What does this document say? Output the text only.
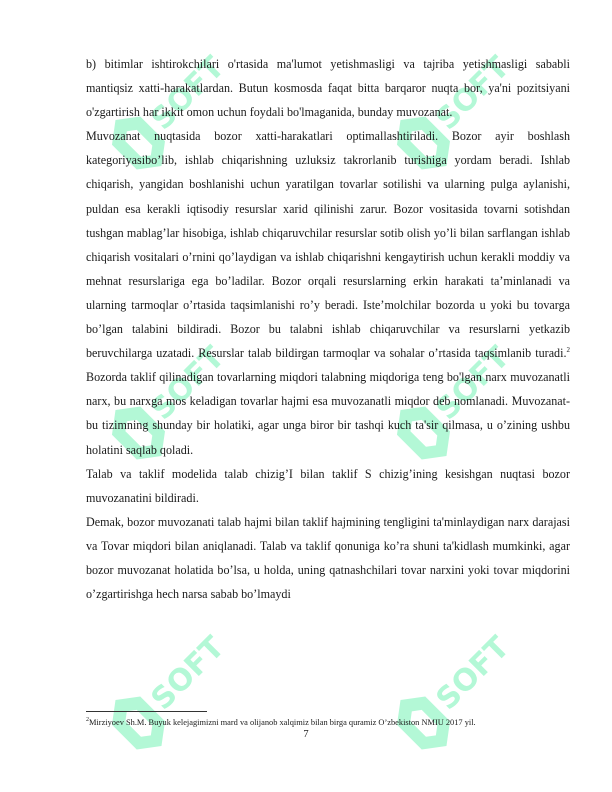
SOFT	SOFT
SOFT	SOFT
SOFT	SOFT

b) bitimlar ishtirokchilari o'rtasida ma'lumot yetishmasligi va tajriba yetishmasligi sababli mantiqsiz xatti-harakatlardan. Butun kosmosda faqat bitta barqaror nuqta bor, ya'ni pozitsiyani o'zgartirish har ikkit omon uchun foydali bo'lmaganida, bunday muvozanat.

Muvozanat nuqtasida bozor xatti-harakatlari optimallashtiriladi. Bozor ayir boshlash kategoriyasibo’lib, ishlab chiqarishning uzluksiz takrorlanib turishiga yordam beradi. Ishlab chiqarish, yangidan boshlanishi uchun yaratilgan tovarlar sotilishi va ularning pulga aylanishi, puldan esa kerakli iqtisodiy resurslar xarid qilinishi zarur. Bozor vositasida tovarni sotishdan tushgan mablag’lar hisobiga, ishlab chiqaruvchilar resurslar sotib olish yo’li bilan sarflangan ishlab chiqarish vositalari o’rnini qo’laydigan va ishlab chiqarishni kengaytirish uchun kerakli moddiy va mehnat resurslariga ega bo’ladilar. Bozor orqali resurslarning erkin harakati ta’minlanadi va ularning tarmoqlar o’rtasida taqsimlanishi ro’y beradi. Iste’molchilar bozorda u yoki bu tovarga bo’lgan talabini bildiradi. Bozor bu talabni ishlab chiqaruvchilar va resurslarni yetkazib beruvchilarga uzatadi. Resurslar talab bildirgan tarmoqlar va sohalar o’rtasida taqsimlanib turadi.$^2$ Bozorda taklif qilinadigan tovarlarning miqdori talabning miqdoriga teng bo'lgan narx muvozanatli narx, bu narxga mos keladigan tovarlar hajmi esa muvozanatli miqdor deb nomlanadi. Muvozanat- bu tizimning shunday bir holatiki, agar unga biror bir tashqi kuch ta'sir qilmasa, u o’zining ushbu holatini saqlab qoladi.

Talab va taklif modelida talab chizig’I bilan taklif S chizig’ining kesishgan nuqtasi bozor muvozanatini bildiradi.

Demak, bozor muvozanati talab hajmi bilan taklif hajmining tengligini ta'minlaydigan narx darajasi va Tovar miqdori bilan aniqlanadi. Talab va taklif qonuniga ko’ra shuni ta'kidlash mumkinki, agar bozor muvozanat holatida bo’lsa, u holda, uning qatnashchilari tovar narxini yoki tovar miqdorini o’zgartirishga hech narsa sabab bo’lmaydi

$^2$Mirziyoev Sh.M. Buyuk kelejagimizni mard va olijanob xalqimiz bilan birga quramiz O’zbekiston NMIU 2017 yil.
7
